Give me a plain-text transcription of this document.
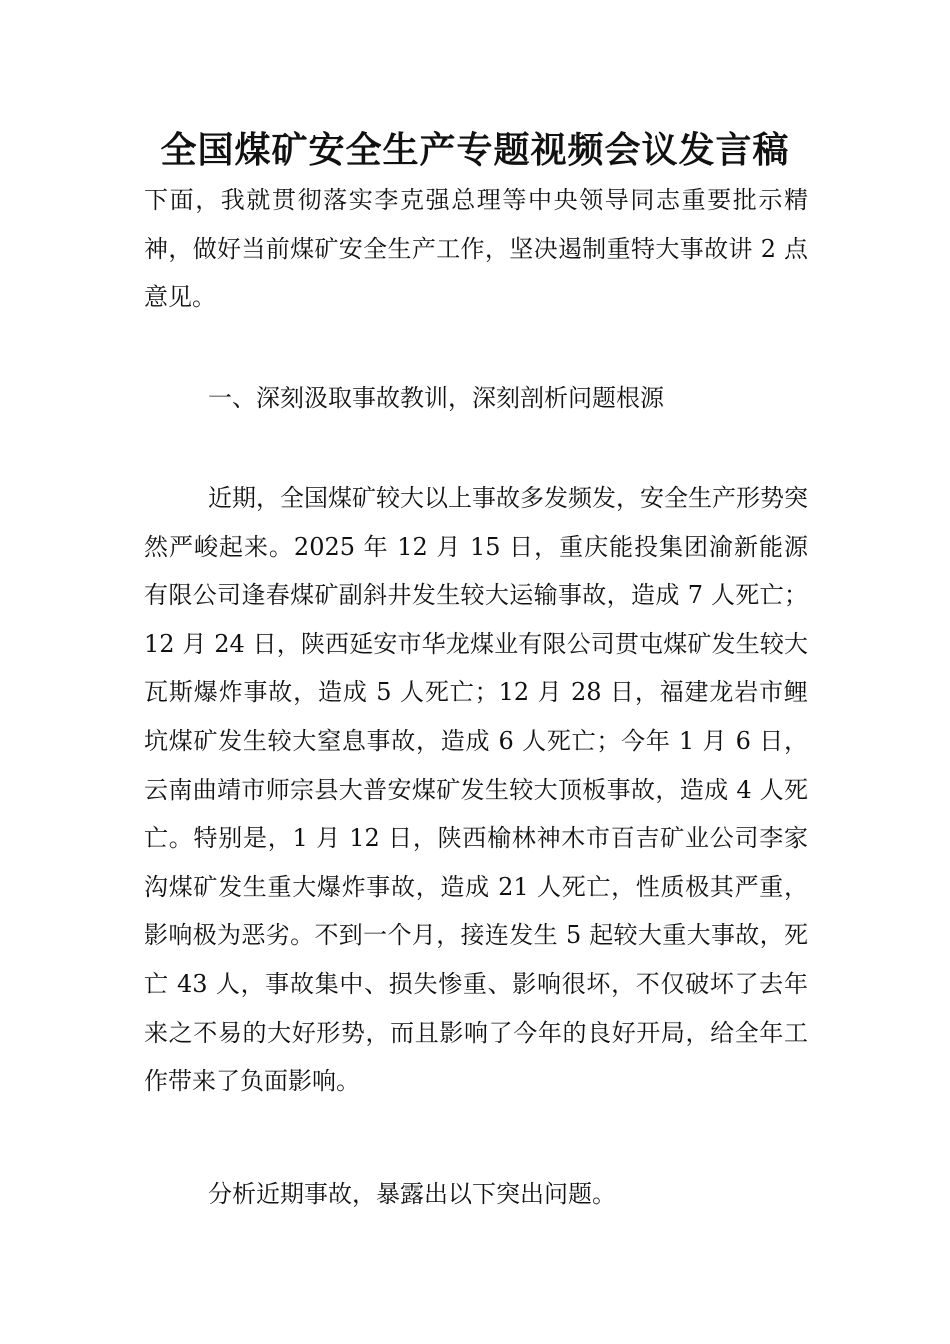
全国煤矿安全生产专题视频会议发言稿

下面，我就贯彻落实李克强总理等中央领导同志重要批示精神，做好当前煤矿安全生产工作，坚决遏制重特大事故讲 2 点意见。

一、深刻汲取事故教训，深刻剖析问题根源

近期，全国煤矿较大以上事故多发频发，安全生产形势突然严峻起来。2025 年 12 月 15 日，重庆能投集团渝新能源有限公司逢春煤矿副斜井发生较大运输事故，造成 7 人死亡；12 月 24 日，陕西延安市华龙煤业有限公司贯屯煤矿发生较大瓦斯爆炸事故，造成 5 人死亡；12 月 28 日，福建龙岩市鲤坑煤矿发生较大窒息事故，造成 6 人死亡；今年 1 月 6 日，云南曲靖市师宗县大普安煤矿发生较大顶板事故，造成 4 人死亡。特别是，1 月 12 日，陕西榆林神木市百吉矿业公司李家沟煤矿发生重大爆炸事故，造成 21 人死亡，性质极其严重，影响极为恶劣。不到一个月，接连发生 5 起较大重大事故，死亡 43 人，事故集中、损失惨重、影响很坏，不仅破坏了去年来之不易的大好形势，而且影响了今年的良好开局，给全年工作带来了负面影响。

分析近期事故，暴露出以下突出问题。
